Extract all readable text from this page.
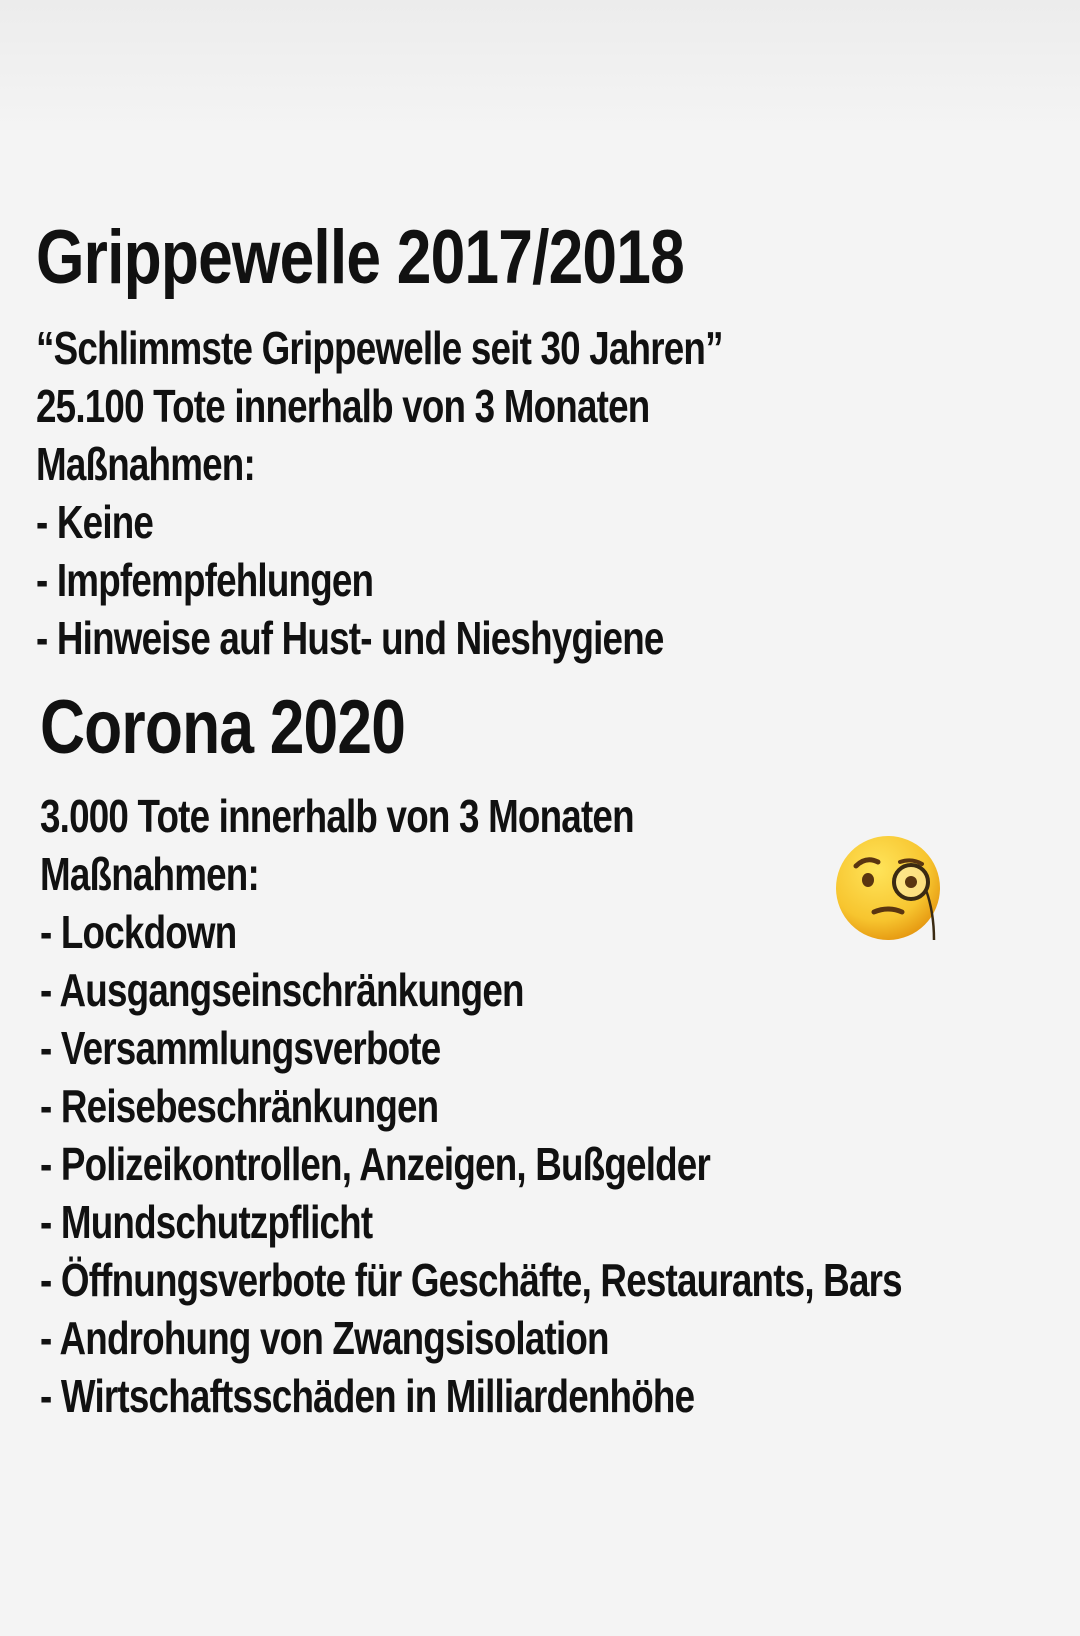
Grippewelle 2017/2018
“Schlimmste Grippewelle seit 30 Jahren”
25.100 Tote innerhalb von 3 Monaten
Maßnahmen:
- Keine
- Impfempfehlungen
- Hinweise auf Hust- und Nieshygiene
Corona 2020
3.000 Tote innerhalb von 3 Monaten
Maßnahmen:
- Lockdown
- Ausgangseinschränkungen
- Versammlungsverbote
- Reisebeschränkungen
- Polizeikontrollen, Anzeigen, Bußgelder
- Mundschutzpflicht
- Öffnungsverbote für Geschäfte, Restaurants, Bars
- Androhung von Zwangsisolation
- Wirtschaftsschäden in Milliardenhöhe
